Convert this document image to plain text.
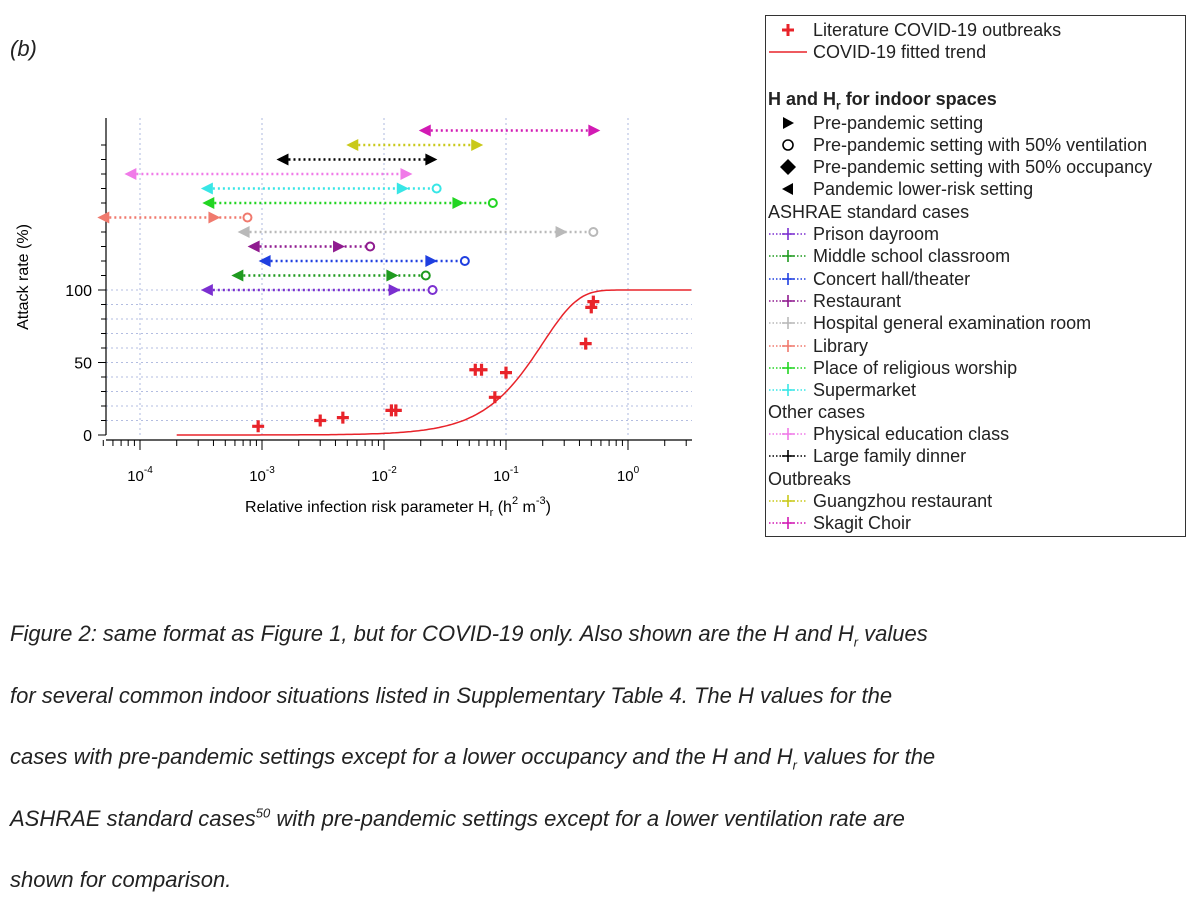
(b)
0
50
100
$10^{-4}$	$10^{-3}$	$10^{-2}$	$10^{-1}$	$10^0$
Attack rate (%)
Relative infection risk parameter $H_r$ ($h^2$ $m^{-3}$)
Literature COVID-19 outbreaks
COVID-19 fitted trend
H and $H_r$ for indoor spaces
Pre-pandemic setting
Pre-pandemic setting with 50% ventilation
Pre-pandemic setting with 50% occupancy
Pandemic lower-risk setting
ASHRAE standard cases
Prison dayroom
Middle school classroom
Concert hall/theater
Restaurant
Hospital general examination room
Library
Place of religious worship
Supermarket
Other cases
Physical education class
Large family dinner
Outbreaks
Guangzhou restaurant
Skagit Choir
Figure 2: same format as Figure 1, but for COVID-19 only. Also shown are the H and $H_r$ values
for several common indoor situations listed in Supplementary Table 4. The H values for the
cases with pre-pandemic settings except for a lower occupancy and the H and $H_r$ values for the
ASHRAE standard cases$^{50}$ with pre-pandemic settings except for a lower ventilation rate are
shown for comparison.
